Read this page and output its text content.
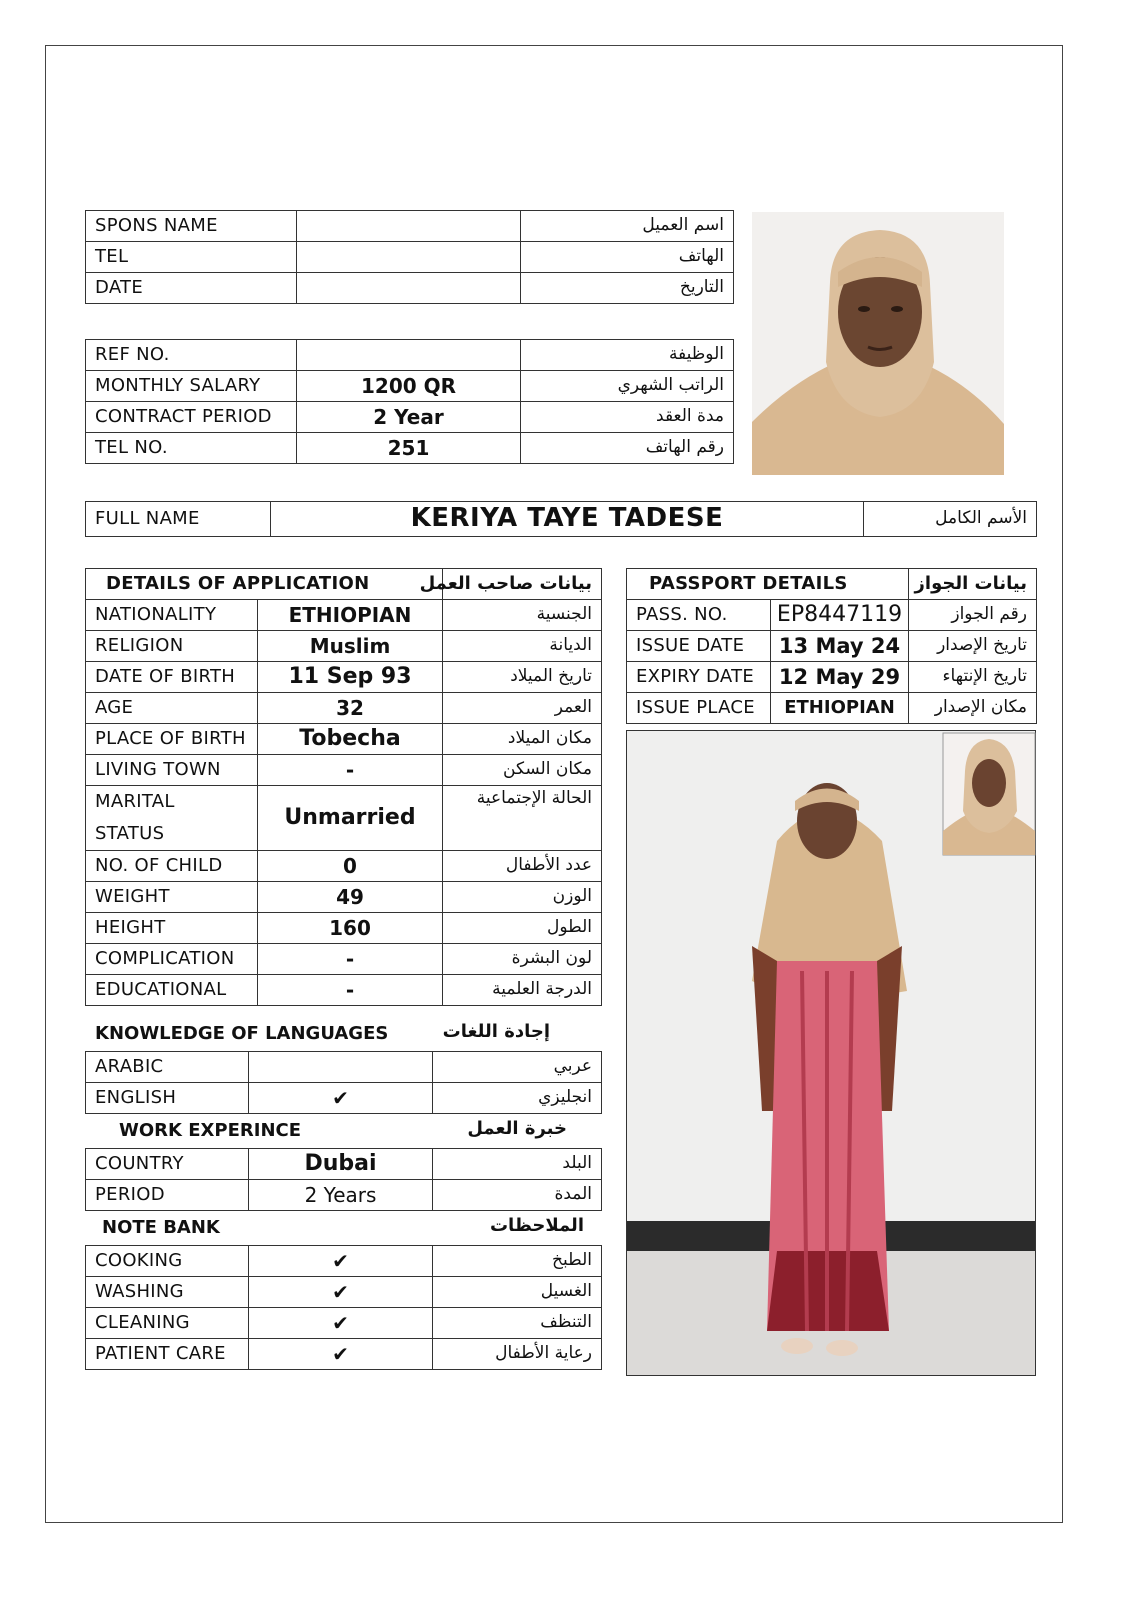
SPONS NAME		اسم العميل
TEL		الهاتف
DATE		التاريخ
REF NO.		الوظيفة
MONTHLY SALARY	1200 QR	الراتب الشهري
CONTRACT PERIOD	2 Year	مدة العقد
TEL NO.	251	رقم الهاتف
FULL NAME	KERIYA TAYE TADESE	الأسم الكامل
DETAILS OF APPLICATION		بيانات صاحب العمل
NATIONALITY	ETHIOPIAN	الجنسية
RELIGION	Muslim	الديانة
DATE OF BIRTH	11 Sep 93	تاريخ الميلاد
AGE	32	العمر
PLACE OF BIRTH	Tobecha	مكان الميلاد
LIVING TOWN	-	مكان السكن
MARITAL
STATUS	Unmarried	الحالة الإجتماعية
NO. OF CHILD	0	عدد الأطفال
WEIGHT	49	الوزن
HEIGHT	160	الطول
COMPLICATION	-	لون البشرة
EDUCATIONAL	-	الدرجة العلمية
KNOWLEDGE OF LANGUAGES	إجادة اللغات
ARABIC		عربي
ENGLISH	✔	انجليزي
WORK EXPERINCE	خبرة العمل
COUNTRY	Dubai	البلد
PERIOD	2 Years	المدة
NOTE BANK	الملاحظات
COOKING	✔	الطبخ
WASHING	✔	الغسيل
CLEANING	✔	التنظف
PATIENT CARE	✔	رعاية الأطفال
PASSPORT DETAILS		بيانات الجواز
PASS. NO.	EP8447119	رقم الجواز
ISSUE DATE	13 May 24	تاريخ الإصدار
EXPIRY DATE	12 May 29	تاريخ الإنتهاء
ISSUE PLACE	ETHIOPIAN	مكان الإصدار
